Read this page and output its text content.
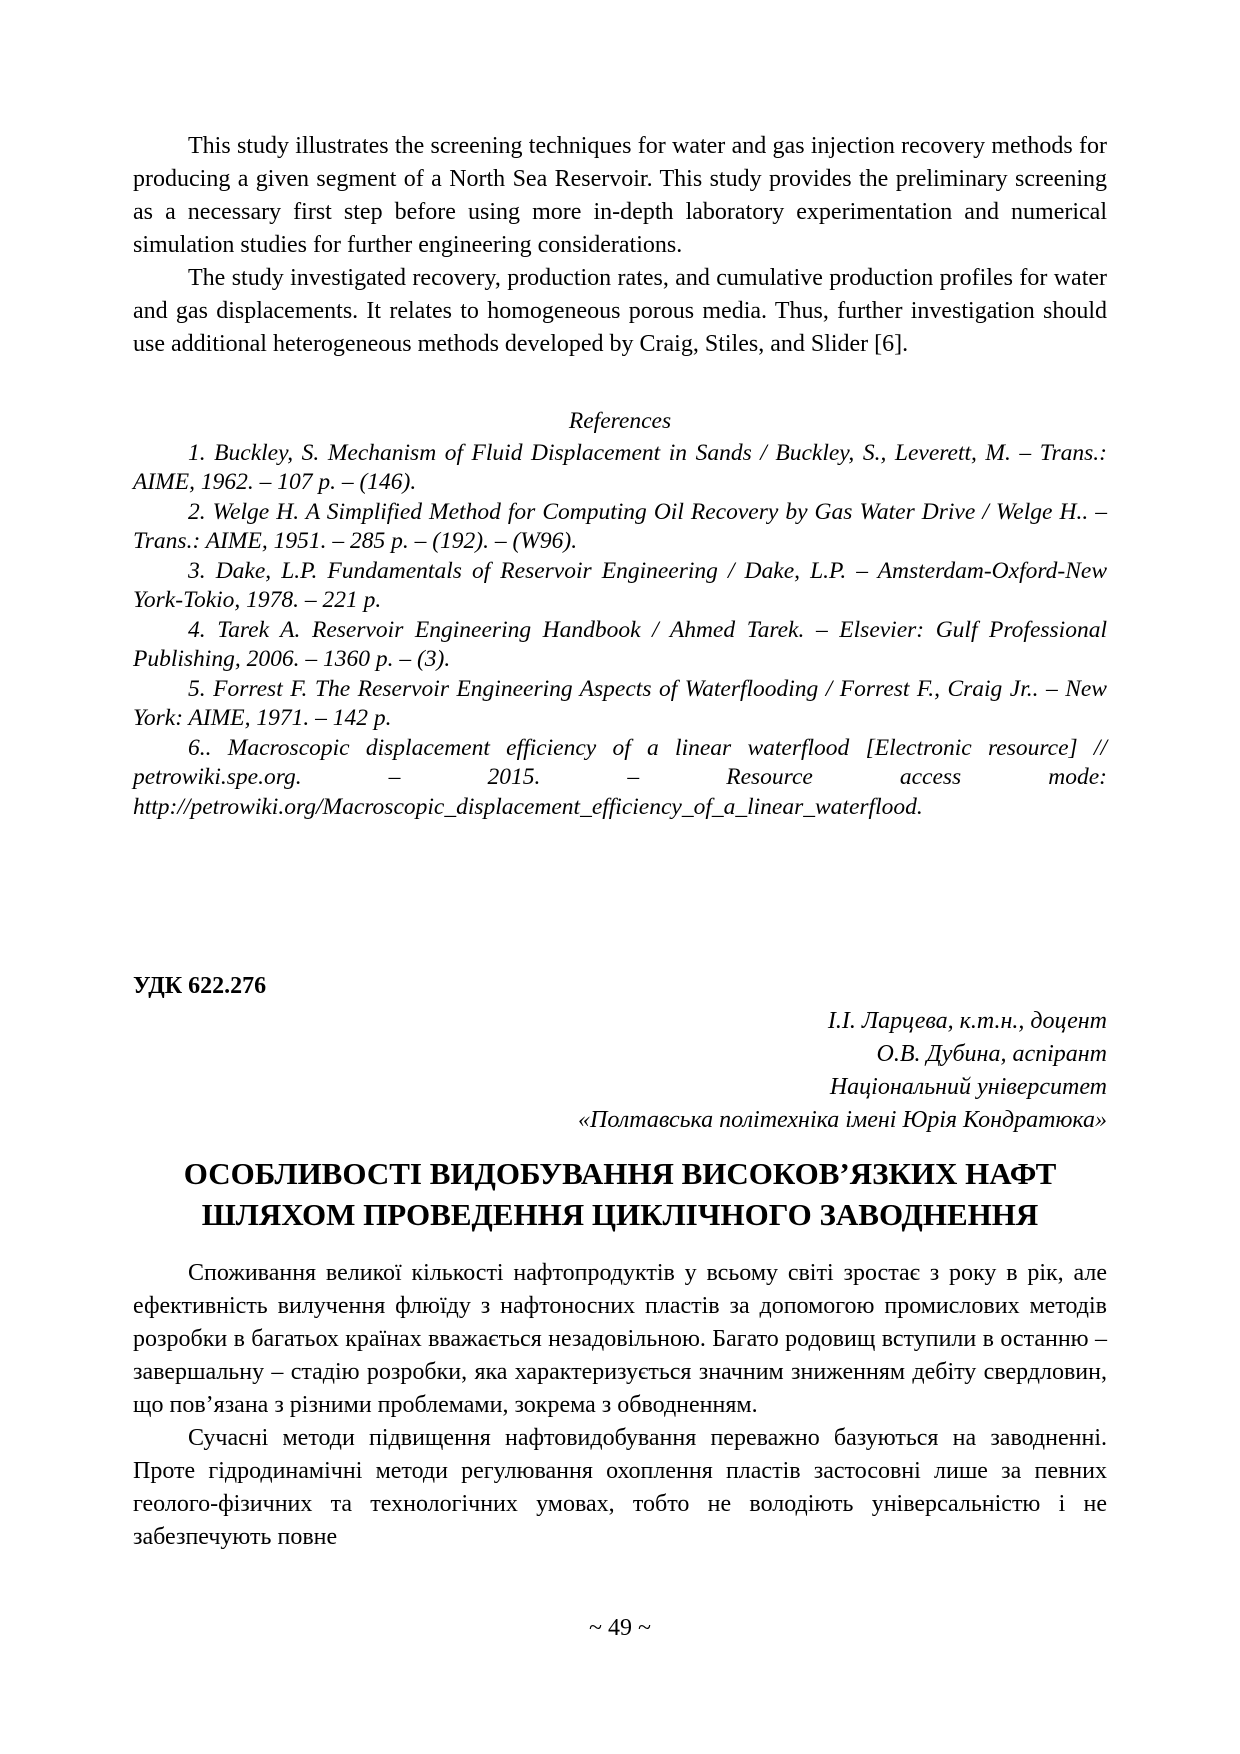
This study illustrates the screening techniques for water and gas injection recovery methods for producing a given segment of a North Sea Reservoir. This study provides the preliminary screening as a necessary first step before using more in-depth laboratory experimentation and numerical simulation studies for further engineering considerations.

The study investigated recovery, production rates, and cumulative production profiles for water and gas displacements. It relates to homogeneous porous media. Thus, further investigation should use additional heterogeneous methods developed by Craig, Stiles, and Slider [6].

References

1. Buckley, S. Mechanism of Fluid Displacement in Sands / Buckley, S., Leverett, M. – Trans.: AIME, 1962. – 107 p. – (146).

2. Welge H. A Simplified Method for Computing Oil Recovery by Gas Water Drive / Welge H.. – Trans.: AIME, 1951. – 285 p. – (192). – (W96).

3. Dake, L.P. Fundamentals of Reservoir Engineering / Dake, L.P. – Amsterdam-Oxford-New York-Tokio, 1978. – 221 p.

4. Tarek A. Reservoir Engineering Handbook / Ahmed Tarek. – Elsevier: Gulf Professional Publishing, 2006. – 1360 p. – (3).

5. Forrest F. The Reservoir Engineering Aspects of Waterflooding / Forrest F., Craig Jr.. – New York: AIME, 1971. – 142 p.

6.. Macroscopic displacement efficiency of a linear waterflood [Electronic resource] // petrowiki.spe.org. – 2015. – Resource access mode: http://petrowiki.org/Macroscopic_displacement_efficiency_of_a_linear_waterflood.

УДК 622.276
І.І. Ларцева, к.т.н., доцент
О.В. Дубина, аспірант
Національний університет
«Полтавська політехніка імені Юрія Кондратюка»
ОСОБЛИВОСТІ ВИДОБУВАННЯ ВИСОКОВ’ЯЗКИХ НАФТ ШЛЯХОМ ПРОВЕДЕННЯ ЦИКЛІЧНОГО ЗАВОДНЕННЯ

Споживання великої кількості нафтопродуктів у всьому світі зростає з року в рік, але ефективність вилучення флюїду з нафтоносних пластів за допомогою промислових методів розробки в багатьох країнах вважається незадовільною. Багато родовищ вступили в останню – завершальну – стадію розробки, яка характеризується значним зниженням дебіту свердловин, що пов’язана з різними проблемами, зокрема з обводненням.

Сучасні методи підвищення нафтовидобування переважно базуються на заводненні. Проте гідродинамічні методи регулювання охоплення пластів застосовні лише за певних геолого-фізичних та технологічних умовах, тобто не володіють універсальністю і не забезпечують повне

~ 49 ~
